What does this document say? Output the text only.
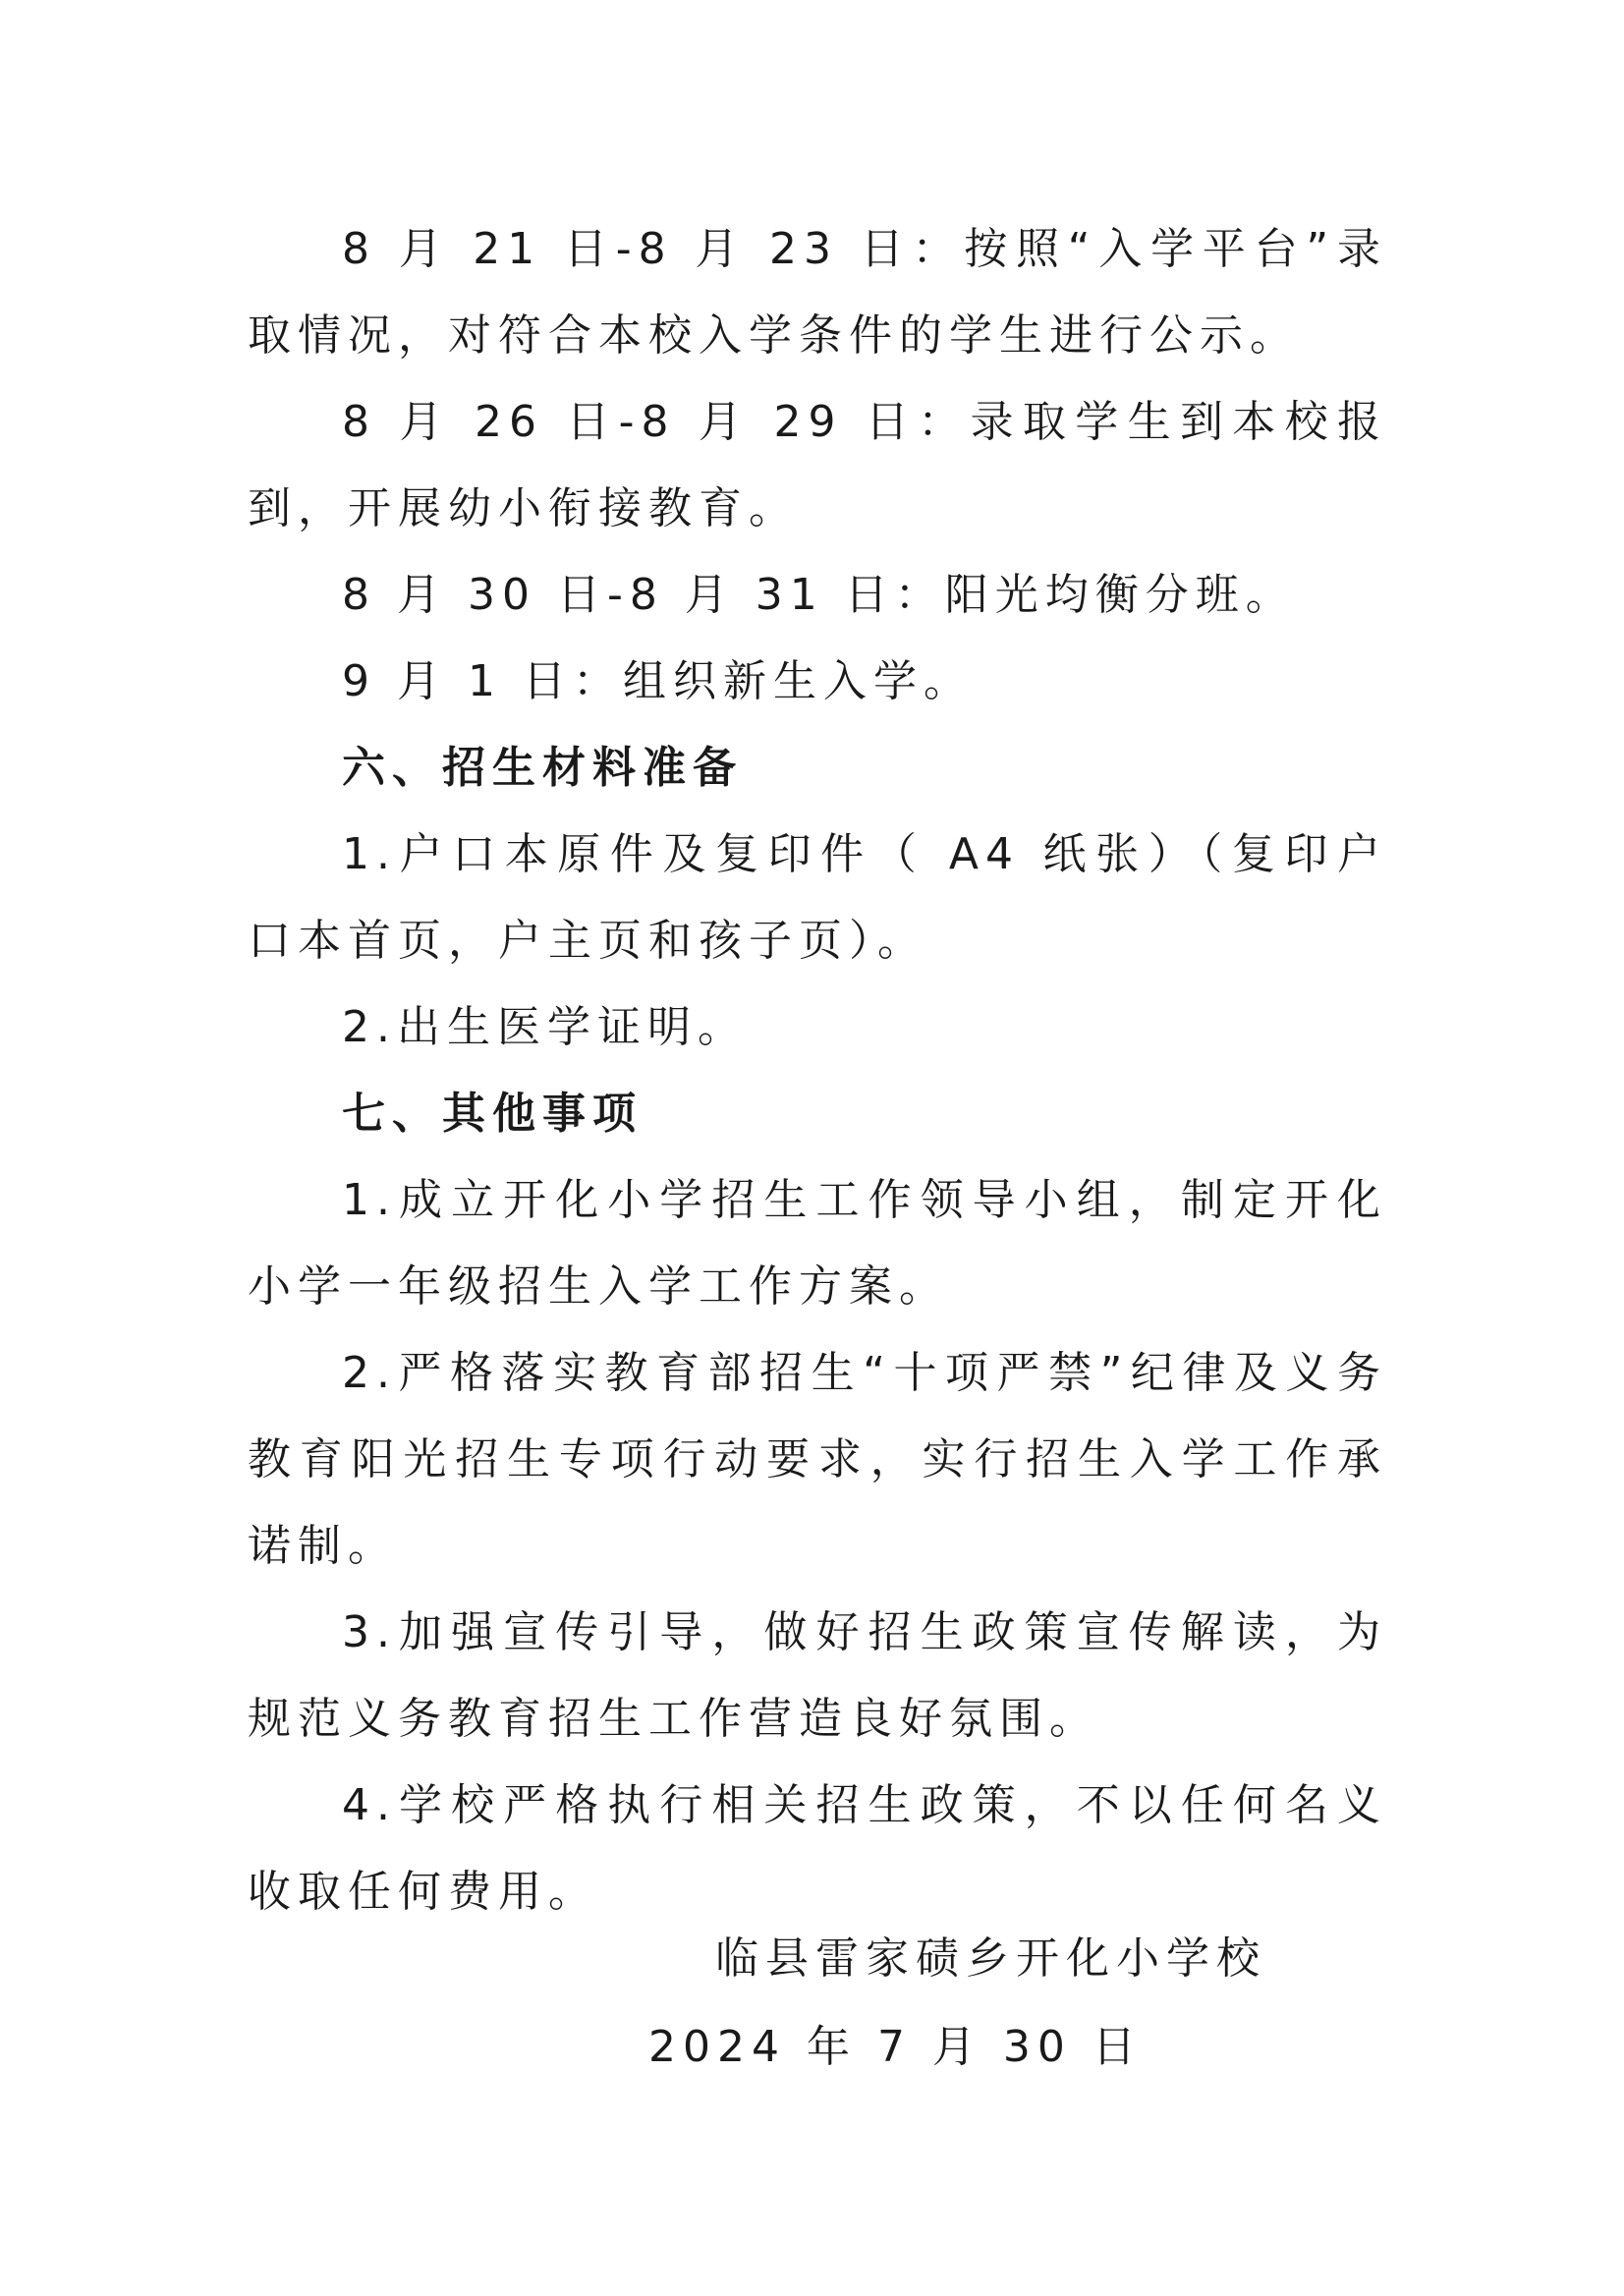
8 月 21 日-8 月 23 日：按照“入学平台”录取情况，对符合本校入学条件的学生进行公示。

8 月 26 日-8 月 29 日：录取学生到本校报到，开展幼小衔接教育。

8 月 30 日-8 月 31 日：阳光均衡分班。

9 月 1 日：组织新生入学。

六、招生材料准备

1.户口本原件及复印件（ A4 纸张）（复印户口本首页，户主页和孩子页）。

2.出生医学证明。

七、其他事项

1.成立开化小学招生工作领导小组，制定开化小学一年级招生入学工作方案。

2.严格落实教育部招生“十项严禁”纪律及义务教育阳光招生专项行动要求，实行招生入学工作承诺制。

3.加强宣传引导，做好招生政策宣传解读，为规范义务教育招生工作营造良好氛围。

4.学校严格执行相关招生政策，不以任何名义收取任何费用。

临县雷家碛乡开化小学校

2024 年 7 月 30 日
